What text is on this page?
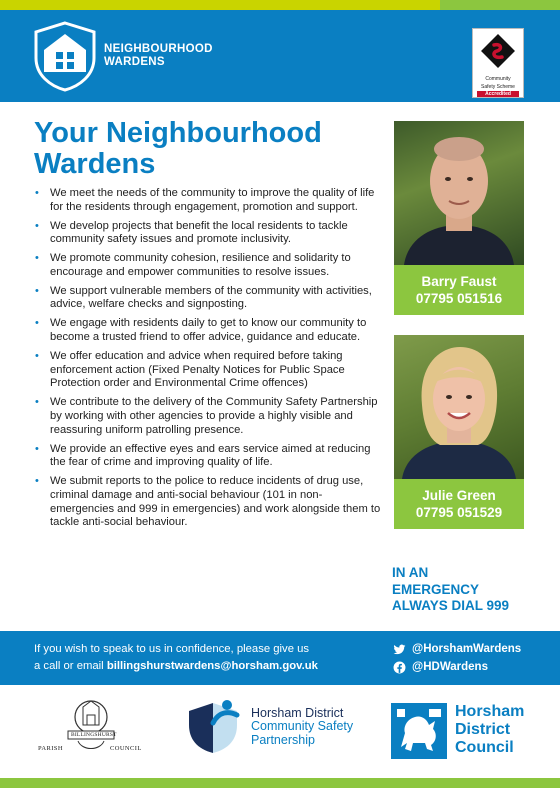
NEIGHBOURHOOD
WARDENS
Community
Safety Scheme
Accredited
Your Neighbourhood
Wardens
• We meet the needs of the community to improve the quality of life for the residents through engagement, promotion and support.
• We develop projects that benefit the local residents to tackle community safety issues and promote inclusivity.
• We promote community cohesion, resilience and solidarity to encourage and empower communities to resolve issues.
• We support vulnerable members of the community with activities, advice, welfare checks and signposting.
• We engage with residents daily to get to know our community to become a trusted friend to offer advice, guidance and educate.
• We offer education and advice when required before taking enforcement action (Fixed Penalty Notices for Public Space Protection order and Environmental Crime offences)
• We contribute to the delivery of the Community Safety Partnership by working with other agencies to provide a highly visible and reassuring uniform patrolling presence.
• We provide an effective eyes and ears service aimed at reducing the fear of crime and improving quality of life.
• We submit reports to the police to reduce incidents of drug use, criminal damage and anti-social behaviour (101 in non-emergencies and 999 in emergencies) and work alongside them to tackle anti-social behaviour.
Barry Faust
07795 051516
Julie Green
07795 051529
IN AN
EMERGENCY
ALWAYS DIAL 999
If you wish to speak to us in confidence, please give us
a call or email billingshurstwardens@horsham.gov.uk
@HorshamWardens
@HDWardens
BILLINGSHURST
PARISH	COUNCIL
Horsham District
Community Safety
Partnership
Horsham
District
Council
